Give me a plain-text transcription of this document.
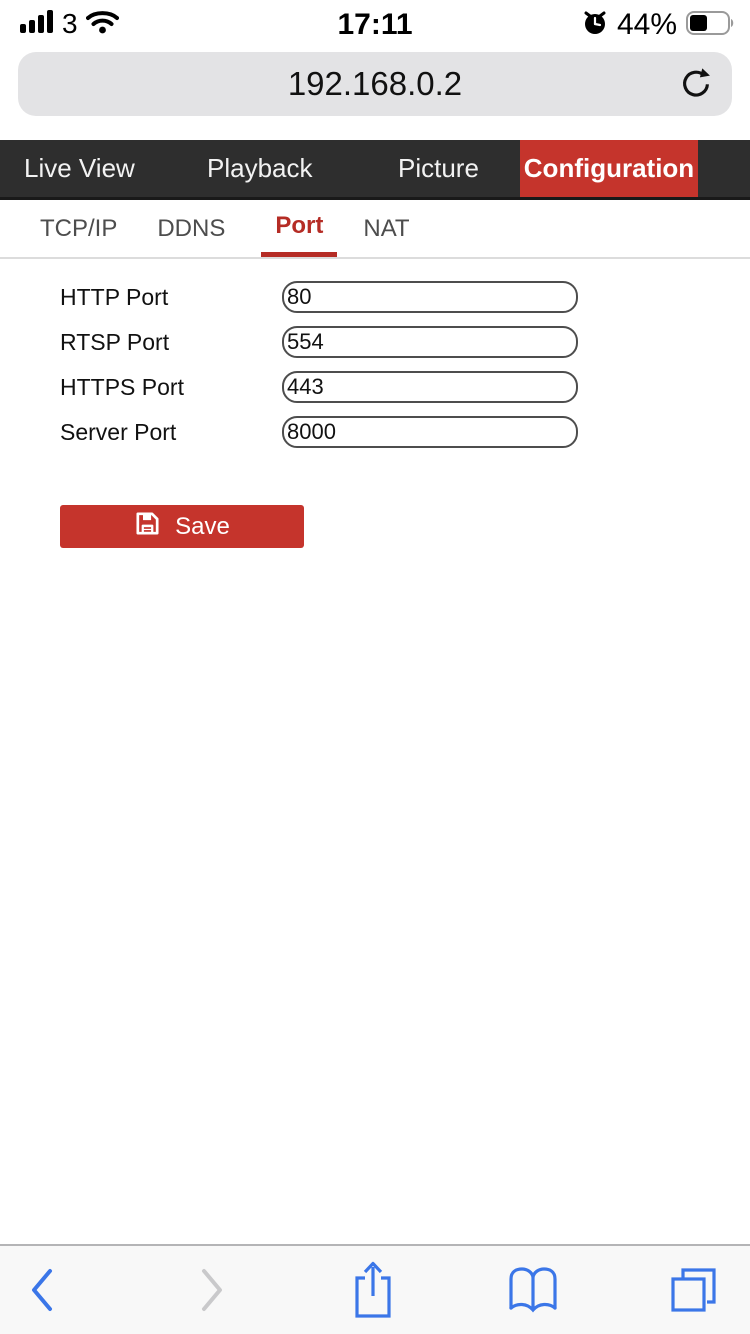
3	17:11	44%
192.168.0.2
Live View	Playback	Picture Configuration
TCP/IP DDNS	Port	NAT
HTTP Port
80
RTSP Port
554
HTTPS Port
443
Server Port
8000
Save
